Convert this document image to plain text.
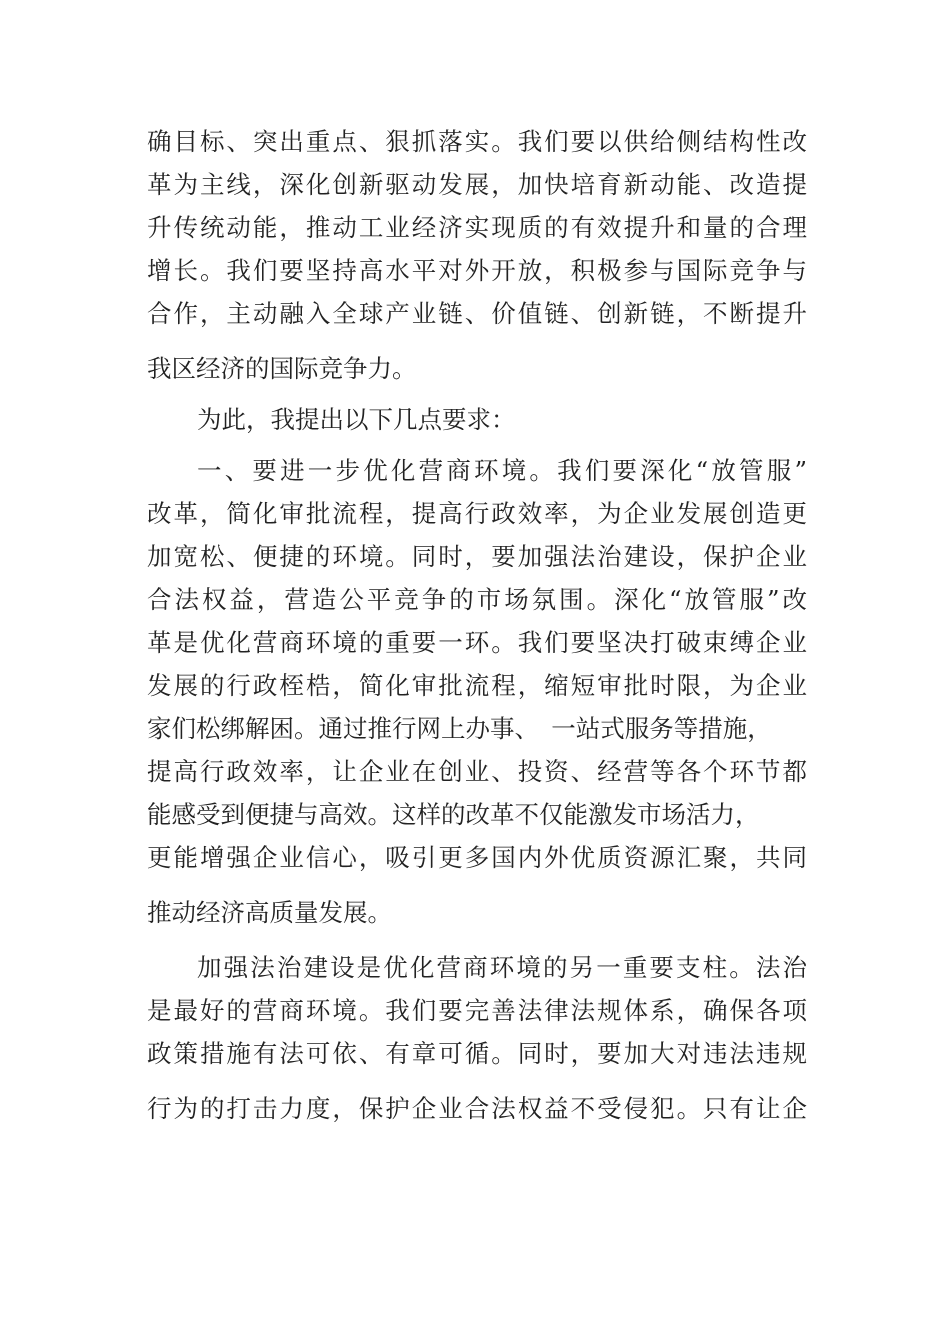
确目标、突出重点、狠抓落实。我们要以供给侧结构性改
革为主线，深化创新驱动发展，加快培育新动能、改造提
升传统动能，推动工业经济实现质的有效提升和量的合理
增长。我们要坚持高水平对外开放，积极参与国际竞争与
合作，主动融入全球产业链、价值链、创新链，不断提升
我区经济的国际竞争力。
为此，我提出以下几点要求：
一、要进一步优化营商环境。我们要深化“放管服”
改革，简化审批流程，提高行政效率，为企业发展创造更
加宽松、便捷的环境。同时，要加强法治建设，保护企业
合法权益，营造公平竞争的市场氛围。深化“放管服”改
革是优化营商环境的重要一环。我们要坚决打破束缚企业
发展的行政桎梏，简化审批流程，缩短审批时限，为企业
家们松绑解困。通过推行网上办事、　一站式服务等措施，
提高行政效率，让企业在创业、投资、经营等各个环节都
能感受到便捷与高效。这样的改革不仅能激发市场活力，
更能增强企业信心，吸引更多国内外优质资源汇聚，共同
推动经济高质量发展。
加强法治建设是优化营商环境的另一重要支柱。法治
是最好的营商环境。我们要完善法律法规体系，确保各项
政策措施有法可依、有章可循。同时，要加大对违法违规
行为的打击力度，保护企业合法权益不受侵犯。只有让企
